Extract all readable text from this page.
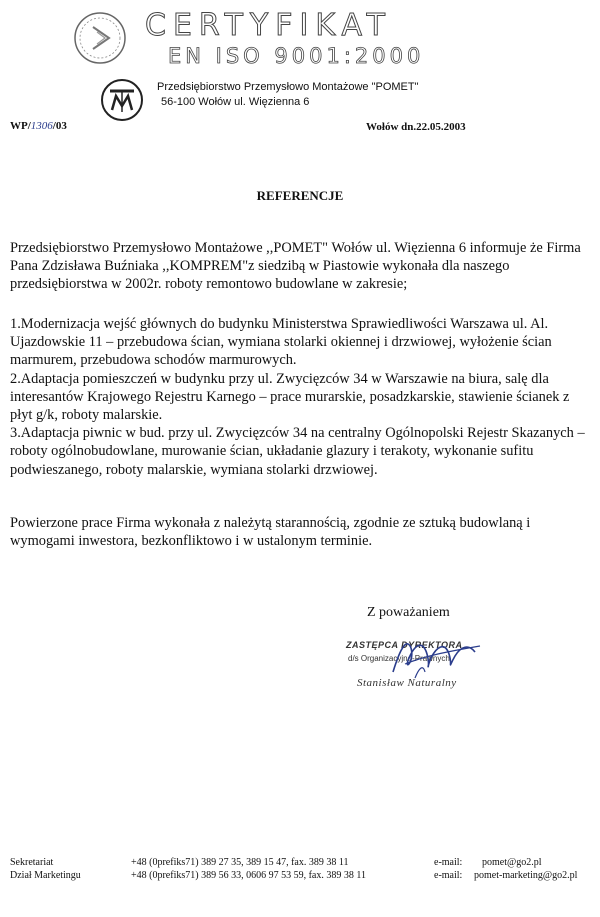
CERTYFIKAT
EN ISO 9001:2000
Przedsiębiorstwo Przemysłowo Montażowe "POMET"
56-100 Wołów ul. Więzienna 6
WP/1306/03	Wołów dn.22.05.2003
REFERENCJE

Przedsiębiorstwo Przemysłowo Montażowe ,,POMET" Wołów ul. Więzienna 6 informuje że Firma Pana Zdzisława Buźniaka ,,KOMPREM"z siedzibą w Piastowie wykonała dla naszego przedsiębiorstwa w 2002r. roboty remontowo budowlane w zakresie;

1.Modernizacja wejść głównych do budynku Ministerstwa Sprawiedliwości Warszawa ul. Al. Ujazdowskie 11 – przebudowa ścian, wymiana stolarki okiennej i drzwiowej, wyłożenie ścian marmurem, przebudowa schodów marmurowych.
2.Adaptacja pomieszczeń w budynku przy ul. Zwycięzców 34 w Warszawie na biura, salę dla interesantów Krajowego Rejestru Karnego – prace murarskie, posadzkarskie, stawienie ścianek z płyt g/k, roboty malarskie.
3.Adaptacja piwnic w bud. przy ul. Zwycięzców 34 na centralny Ogólnopolski Rejestr Skazanych – roboty ogólnobudowlane, murowanie ścian, układanie glazury i terakoty, wykonanie sufitu podwieszanego, roboty malarskie, wymiana stolarki drzwiowej.

Powierzone prace Firma wykonała z należytą starannością, zgodnie ze sztuką budowlaną i wymogami inwestora, bezkonfliktowo i w ustalonym terminie.

Z poważaniem
ZASTĘPCA DYREKTORA
d/s Organizacyjno-Prawnych
Stanisław Naturalny
Sekretariat	+48 (0prefiks71) 389 27 35, 389 15 47, fax. 389 38 11	e-mail: pomet@go2.pl
Dział Marketingu	+48 (0prefiks71) 389 56 33, 0606 97 53 59, fax. 389 38 11	e-mail: pomet-marketing@go2.pl
